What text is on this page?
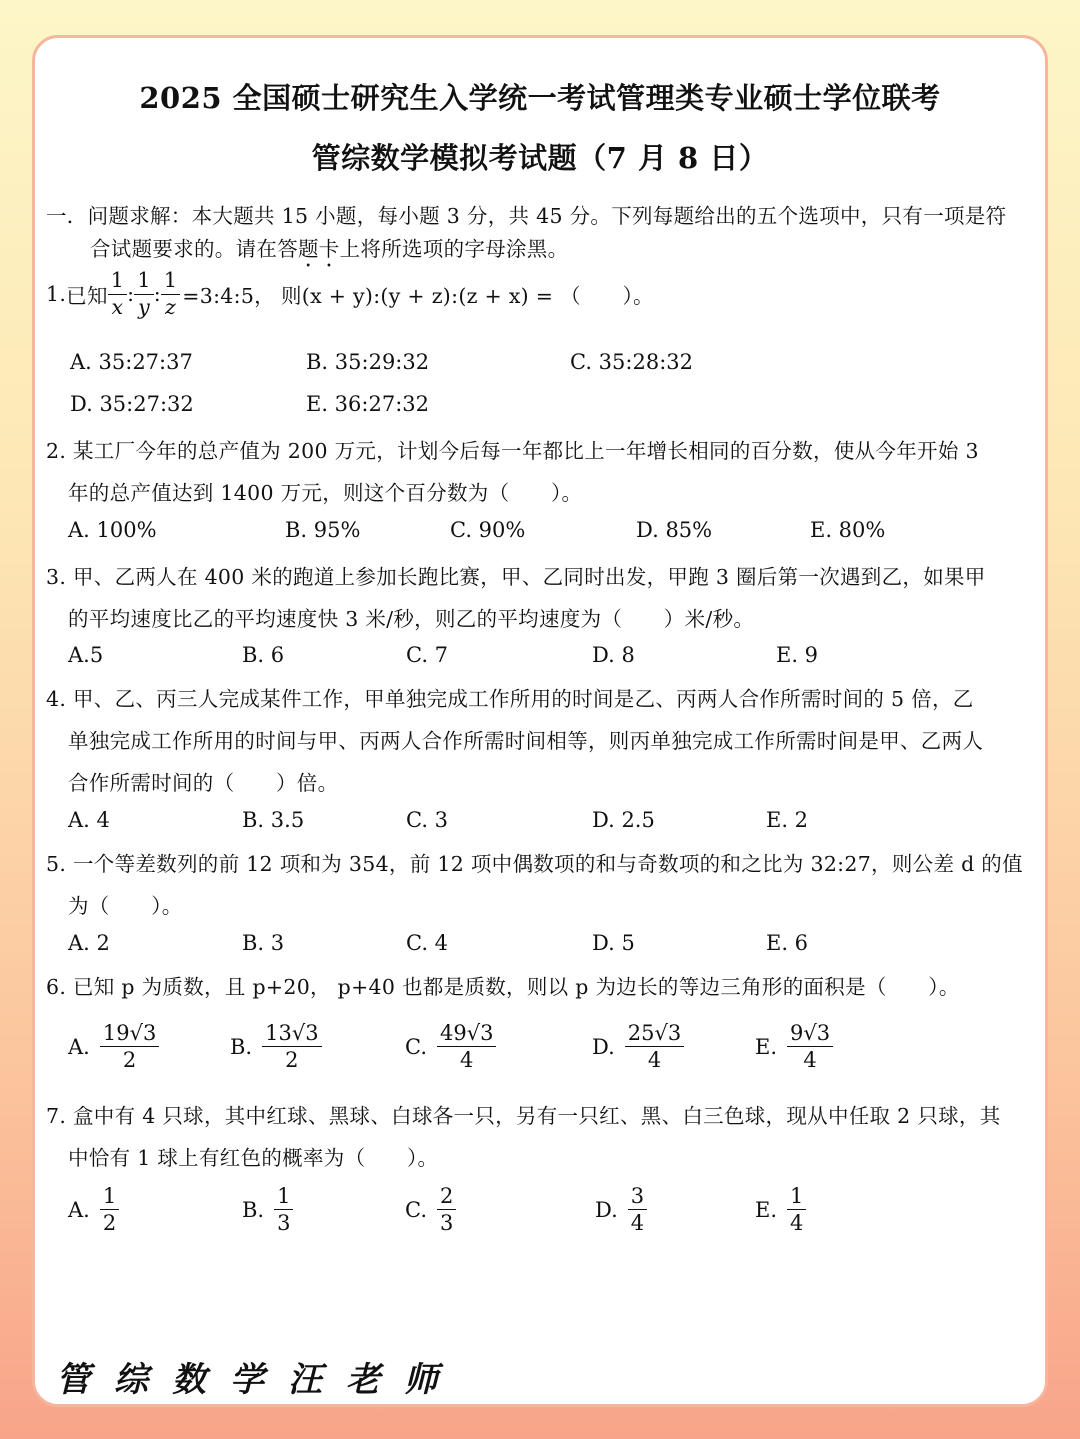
2025 全国硕士研究生入学统一考试管理类专业硕士学位联考
管综数学模拟考试题（7 月 8 日）
一．问题求解：本大题共 15 小题，每小题 3 分，共 45 分。下列每题给出的五个选项中，只有一项是符
合试题要求的。请在答题卡上将所选项的字母涂黑。
1. 已知 $\frac{1}{x}$ : $\frac{1}{y}$ : $\frac{1}{z}$ =3:4:5， 则(x + y):(y + z):(z + x) = （　　）。
A. 35:27:37	B. 35:29:32	C. 35:28:32
D. 35:27:32	E. 36:27:32
2. 某工厂今年的总产值为 200 万元，计划今后每一年都比上一年增长相同的百分数，使从今年开始 3
年的总产值达到 1400 万元，则这个百分数为（　　）。
A. 100%	B. 95%	C. 90%	D. 85%	E. 80%
3. 甲、乙两人在 400 米的跑道上参加长跑比赛，甲、乙同时出发，甲跑 3 圈后第一次遇到乙，如果甲
的平均速度比乙的平均速度快 3 米/秒，则乙的平均速度为（　　）米/秒。
A.5	B. 6	C. 7	D. 8	E. 9
4. 甲、乙、丙三人完成某件工作，甲单独完成工作所用的时间是乙、丙两人合作所需时间的 5 倍，乙
单独完成工作所用的时间与甲、丙两人合作所需时间相等，则丙单独完成工作所需时间是甲、乙两人
合作所需时间的（　　）倍。
A. 4	B. 3.5	C. 3	D. 2.5	E. 2
5. 一个等差数列的前 12 项和为 354，前 12 项中偶数项的和与奇数项的和之比为 32:27，则公差 d 的值
为（　　）。
A. 2	B. 3	C. 4	D. 5	E. 6
6. 已知 p 为质数，且 p+20， p+40 也都是质数，则以 p 为边长的等边三角形的面积是（　　）。
A. $\frac{19√3}{2}$	B. $\frac{13√3}{2}$	C. $\frac{49√3}{4}$	D. $\frac{25√3}{4}$	E. $\frac{9√3}{4}$
7. 盒中有 4 只球，其中红球、黑球、白球各一只，另有一只红、黑、白三色球，现从中任取 2 只球，其
中恰有 1 球上有红色的概率为（　　）。
A. $\frac{1}{2}$	B. $\frac{1}{3}$	C. $\frac{2}{3}$	D. $\frac{3}{4}$	E. $\frac{1}{4}$
管综数学汪老师
